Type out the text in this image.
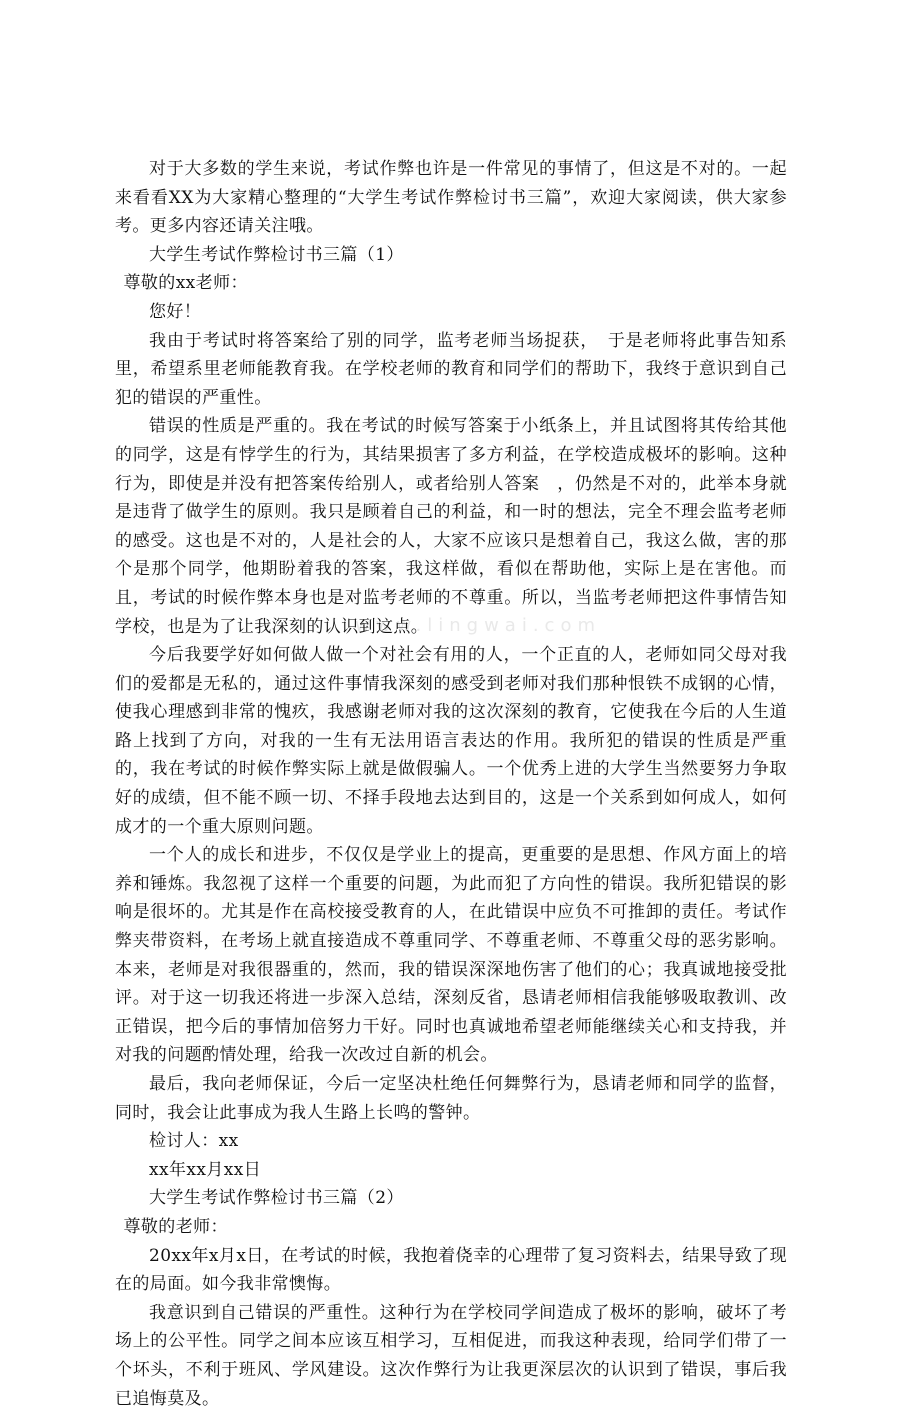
www.lingwai.com

对于大多数的学生来说，考试作弊也许是一件常见的事情了，但这是不对的。一起来看看XX为大家精心整理的“大学生考试作弊检讨书三篇”，欢迎大家阅读，供大家参考。更多内容还请关注哦。

大学生考试作弊检讨书三篇（1）

尊敬的xx老师：

您好！

我由于考试时将答案给了别的同学，监考老师当场捉获，　于是老师将此事告知系里，希望系里老师能教育我。在学校老师的教育和同学们的帮助下，我终于意识到自己犯的错误的严重性。

错误的性质是严重的。我在考试的时候写答案于小纸条上，并且试图将其传给其他的同学，这是有悖学生的行为，其结果损害了多方利益，在学校造成极坏的影响。这种行为，即使是并没有把答案传给别人，或者给别人答案　，仍然是不对的，此举本身就是违背了做学生的原则。我只是顾着自己的利益，和一时的想法，完全不理会监考老师的感受。这也是不对的，人是社会的人，大家不应该只是想着自己，我这么做，害的那个是那个同学，他期盼着我的答案，我这样做，看似在帮助他，实际上是在害他。而且，考试的时候作弊本身也是对监考老师的不尊重。所以，当监考老师把这件事情告知学校，也是为了让我深刻的认识到这点。

今后我要学好如何做人做一个对社会有用的人，一个正直的人，老师如同父母对我们的爱都是无私的，通过这件事情我深刻的感受到老师对我们那种恨铁不成钢的心情，使我心理感到非常的愧疚，我感谢老师对我的这次深刻的教育，它使我在今后的人生道路上找到了方向，对我的一生有无法用语言表达的作用。我所犯的错误的性质是严重的，我在考试的时候作弊实际上就是做假骗人。一个优秀上进的大学生当然要努力争取好的成绩，但不能不顾一切、不择手段地去达到目的，这是一个关系到如何成人，如何成才的一个重大原则问题。

一个人的成长和进步，不仅仅是学业上的提高，更重要的是思想、作风方面上的培养和锤炼。我忽视了这样一个重要的问题，为此而犯了方向性的错误。我所犯错误的影响是很坏的。尤其是作在高校接受教育的人，在此错误中应负不可推卸的责任。考试作弊夹带资料，在考场上就直接造成不尊重同学、不尊重老师、不尊重父母的恶劣影响。本来，老师是对我很器重的，然而，我的错误深深地伤害了他们的心；我真诚地接受批评。对于这一切我还将进一步深入总结，深刻反省，恳请老师相信我能够吸取教训、改正错误，把今后的事情加倍努力干好。同时也真诚地希望老师能继续关心和支持我，并对我的问题酌情处理，给我一次改过自新的机会。

最后，我向老师保证，今后一定坚决杜绝任何舞弊行为，恳请老师和同学的监督，同时，我会让此事成为我人生路上长鸣的警钟。

检讨人：xx

xx年xx月xx日

大学生考试作弊检讨书三篇（2）

尊敬的老师：

20xx年x月x日，在考试的时候，我抱着侥幸的心理带了复习资料去，结果导致了现在的局面。如今我非常懊悔。

我意识到自己错误的严重性。这种行为在学校同学间造成了极坏的影响，破坏了考场上的公平性。同学之间本应该互相学习，互相促进，而我这种表现，给同学们带了一个坏头，不利于班风、学风建设。这次作弊行为让我更深层次的认识到了错误，事后我已追悔莫及。
